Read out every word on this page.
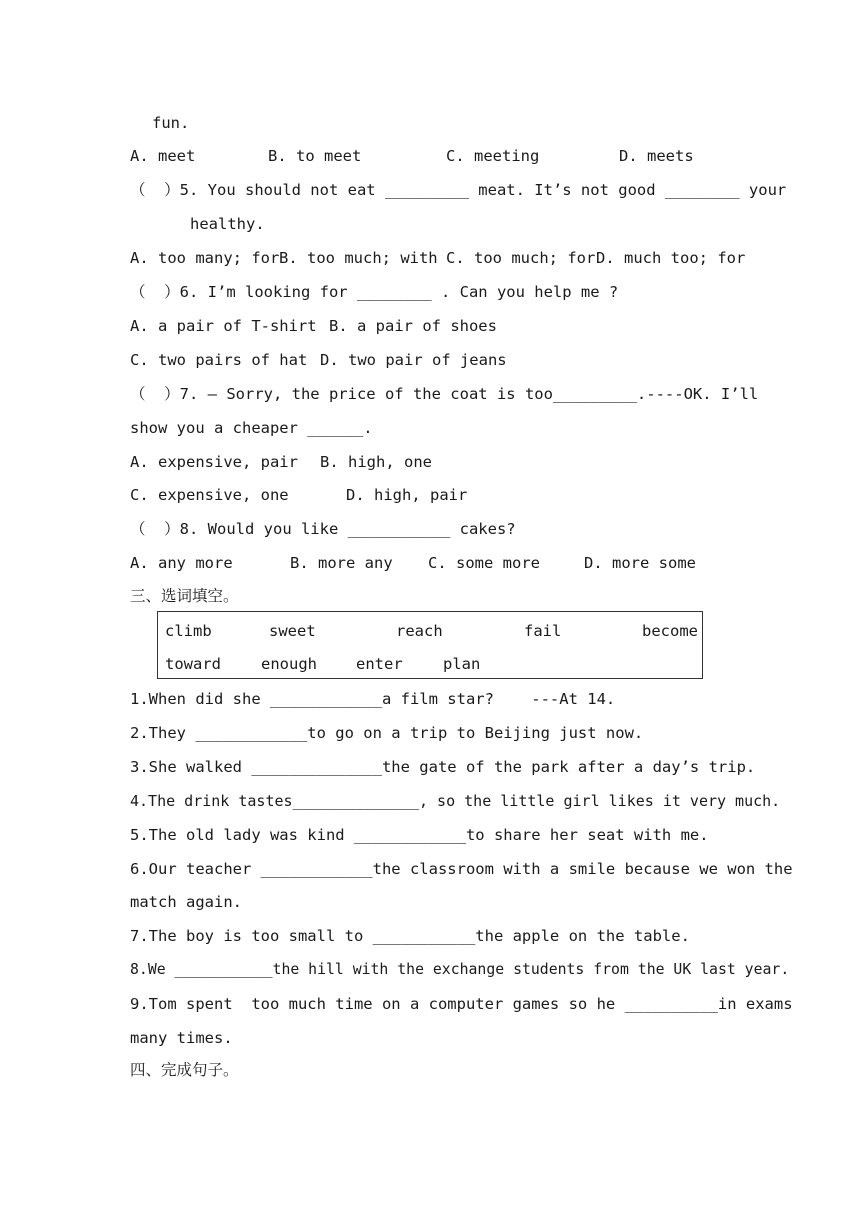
fun.
A. meet	B. to meet	C. meeting	D. meets
（  ）5. You should not eat _________ meat. It’s not good ________ your
healthy.
A. too many; for B. too much; with C. too much; for D. much too; for
（  ）6. I’m looking for ________ . Can you help me ?
A. a pair of T-shirt B. a pair of shoes
C. two pairs of hat D. two pair of jeans
（  ）7. — Sorry, the price of the coat is too_________.----OK. I’ll
show you a cheaper ______.
A. expensive, pair B. high, one
C. expensive, one	D. high, pair
（  ）8. Would you like ___________ cakes?
A. any more	B. more any C. some more	D. more some
三、选词填空。
climb	sweet	reach	fail	become
toward	enough	enter	plan
1.When did she ____________a film star?    ---At 14.
2.They ____________to go on a trip to Beijing just now.
3.She walked ______________the gate of the park after a day’s trip.
4.The drink tastes______________, so the little girl likes it very much.
5.The old lady was kind ____________to share her seat with me.
6.Our teacher ____________the classroom with a smile because we won the
match again.
7.The boy is too small to ___________the apple on the table.
8.We ___________the hill with the exchange students from the UK last year.
9.Tom spent  too much time on a computer games so he __________in exams
many times.
四、完成句子。
